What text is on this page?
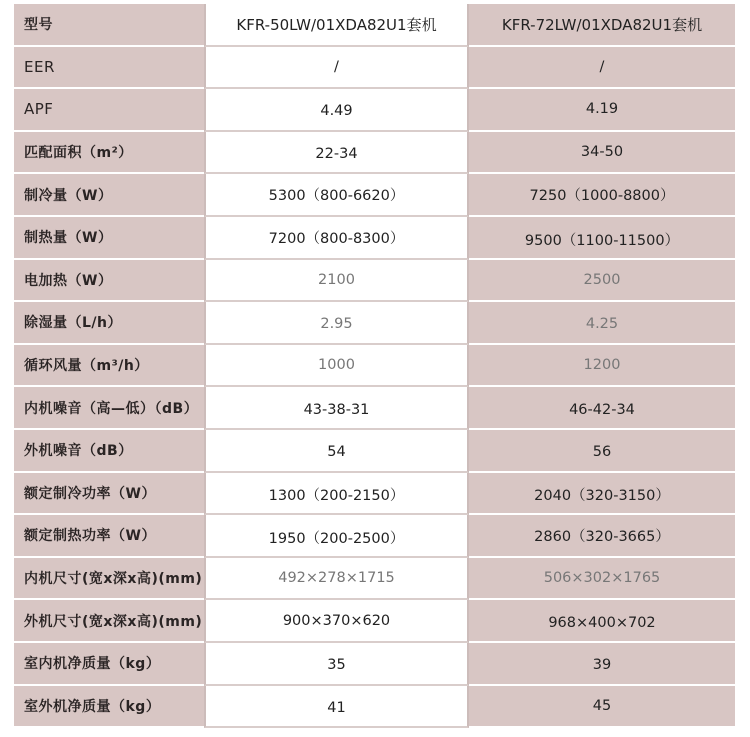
型号	KFR-50LW/01XDA82U1套机	KFR-72LW/01XDA82U1套机
EER	/	/
APF	4.49	4.19
匹配面积（m²）	22-34	34-50
制冷量（W）	5300（800-6620）	7250（1000-8800）
制热量（W）	7200（800-8300）	9500（1100-11500）
电加热（W）	2100	2500
除湿量（L/h）	2.95	4.25
循环风量（m³/h）	1000	1200
内机噪音（高—低）（dB）	43-38-31	46-42-34
外机噪音（dB）	54	56
额定制冷功率（W）	1300（200-2150）	2040（320-3150）
额定制热功率（W）	1950（200-2500）	2860（320-3665）
内机尺寸(宽x深x高)(mm)	492×278×1715	506×302×1765
外机尺寸(宽x深x高)(mm)	900×370×620	968×400×702
室内机净质量（kg）	35	39
室外机净质量（kg）	41	45
